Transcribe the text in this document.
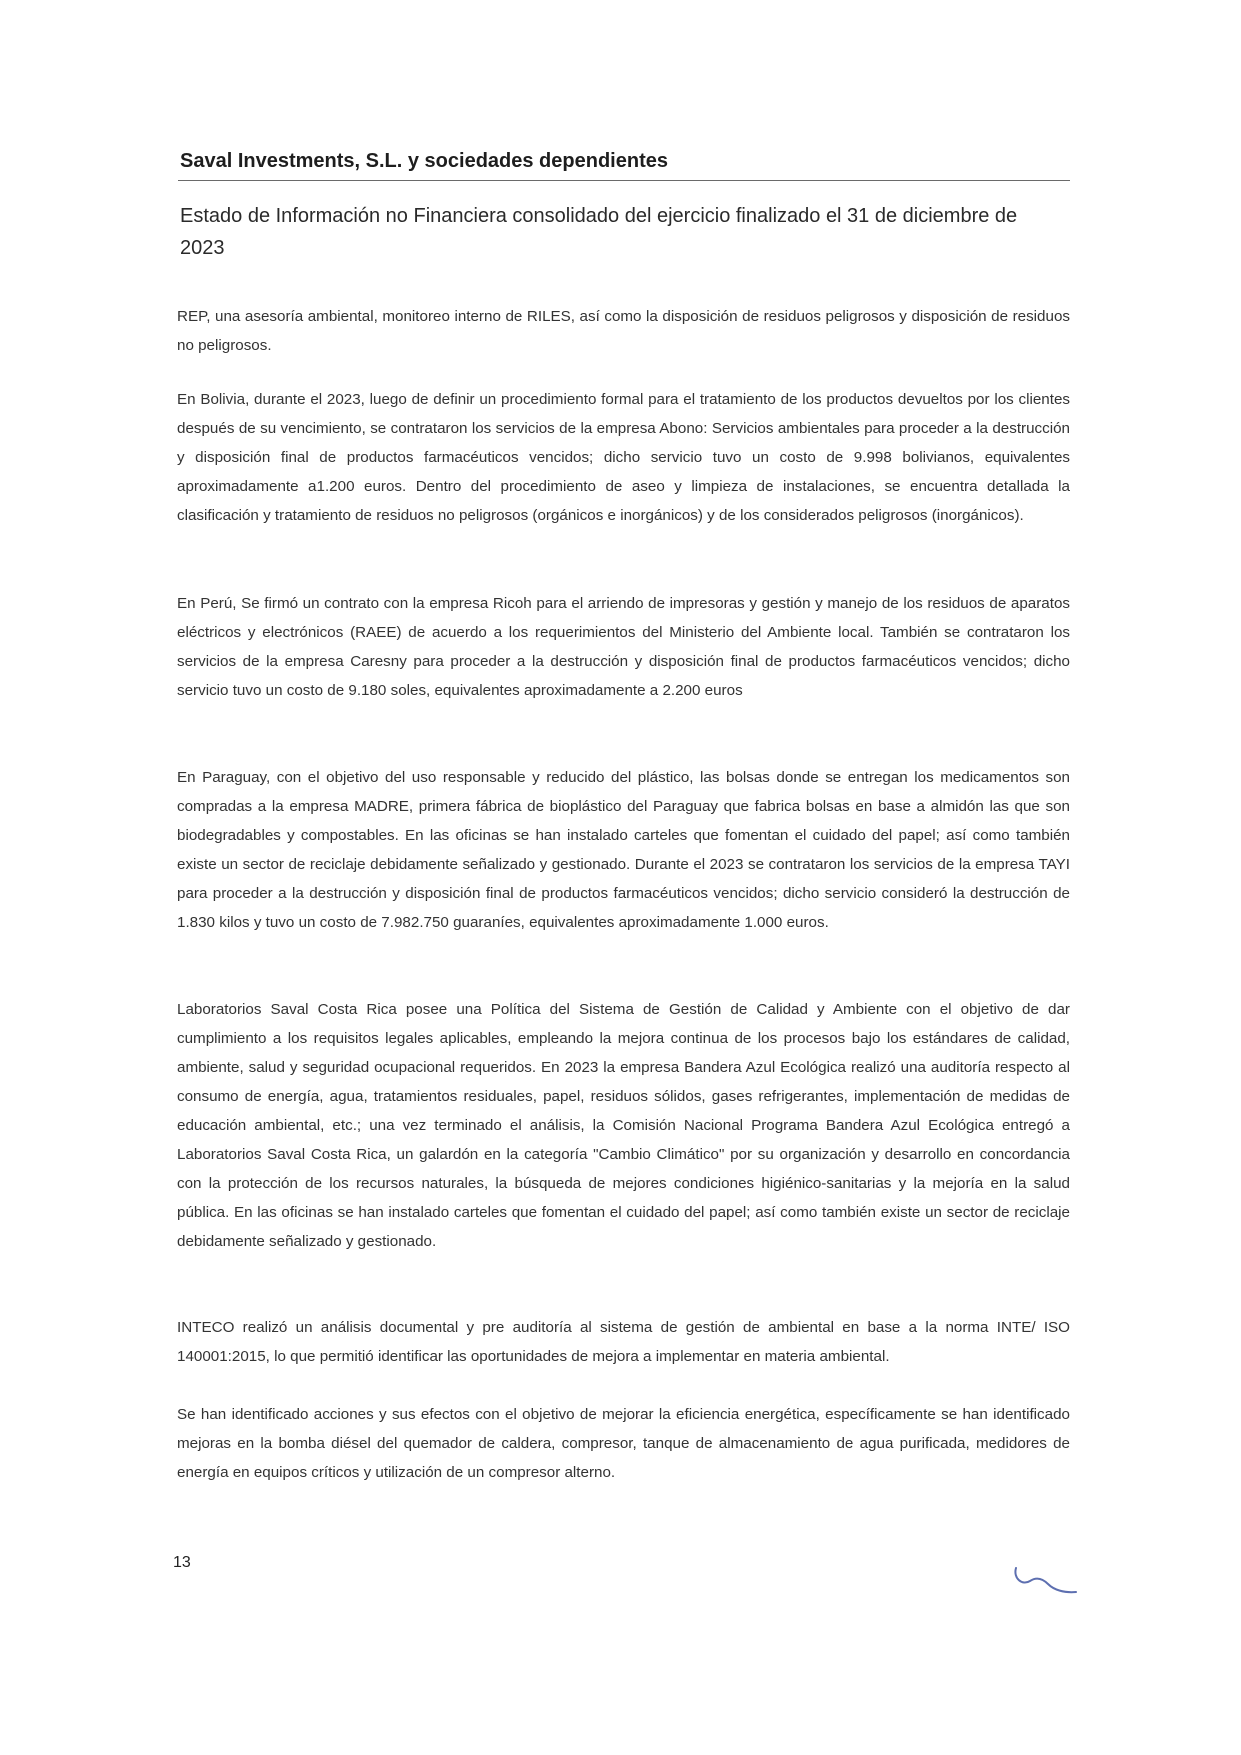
Saval Investments, S.L. y sociedades dependientes

Estado de Información no Financiera consolidado del ejercicio finalizado el 31 de diciembre de 2023

REP, una asesoría ambiental, monitoreo interno de RILES, así como la disposición de residuos peligrosos y disposición de residuos no peligrosos.

En Bolivia, durante el 2023, luego de definir un procedimiento formal para el tratamiento de los productos devueltos por los clientes después de su vencimiento, se contrataron los servicios de la empresa Abono: Servicios ambientales para proceder a la destrucción y disposición final de productos farmacéuticos vencidos; dicho servicio tuvo un costo de 9.998 bolivianos, equivalentes aproximadamente a1.200 euros. Dentro del procedimiento de aseo y limpieza de instalaciones, se encuentra detallada la clasificación y tratamiento de residuos no peligrosos (orgánicos e inorgánicos) y de los considerados peligrosos (inorgánicos).

En Perú, Se firmó un contrato con la empresa Ricoh para el arriendo de impresoras y gestión y manejo de los residuos de aparatos eléctricos y electrónicos (RAEE) de acuerdo a los requerimientos del Ministerio del Ambiente local. También se contrataron los servicios de la empresa Caresny para proceder a la destrucción y disposición final de productos farmacéuticos vencidos; dicho servicio tuvo un costo de 9.180 soles, equivalentes aproximadamente a 2.200 euros

En Paraguay, con el objetivo del uso responsable y reducido del plástico, las bolsas donde se entregan los medicamentos son compradas a la empresa MADRE, primera fábrica de bioplástico del Paraguay que fabrica bolsas en base a almidón las que son biodegradables y compostables. En las oficinas se han instalado carteles que fomentan el cuidado del papel; así como también existe un sector de reciclaje debidamente señalizado y gestionado. Durante el 2023 se contrataron los servicios de la empresa TAYI para proceder a la destrucción y disposición final de productos farmacéuticos vencidos; dicho servicio consideró la destrucción de 1.830 kilos y tuvo un costo de 7.982.750 guaraníes, equivalentes aproximadamente 1.000 euros.

Laboratorios Saval Costa Rica posee una Política del Sistema de Gestión de Calidad y Ambiente con el objetivo de dar cumplimiento a los requisitos legales aplicables, empleando la mejora continua de los procesos bajo los estándares de calidad, ambiente, salud y seguridad ocupacional requeridos. En 2023 la empresa Bandera Azul Ecológica realizó una auditoría respecto al consumo de energía, agua, tratamientos residuales, papel, residuos sólidos, gases refrigerantes, implementación de medidas de educación ambiental, etc.; una vez terminado el análisis, la Comisión Nacional Programa Bandera Azul Ecológica entregó a Laboratorios Saval Costa Rica, un galardón en la categoría "Cambio Climático" por su organización y desarrollo en concordancia con la protección de los recursos naturales, la búsqueda de mejores condiciones higiénico-sanitarias y la mejoría en la salud pública. En las oficinas se han instalado carteles que fomentan el cuidado del papel; así como también existe un sector de reciclaje debidamente señalizado y gestionado.

INTECO realizó un análisis documental y pre auditoría al sistema de gestión de ambiental en base a la norma INTE/ ISO 140001:2015, lo que permitió identificar las oportunidades de mejora a implementar en materia ambiental.

Se han identificado acciones y sus efectos con el objetivo de mejorar la eficiencia energética, específicamente se han identificado mejoras en la bomba diésel del quemador de caldera, compresor, tanque de almacenamiento de agua purificada, medidores de energía en equipos críticos y utilización de un compresor alterno.

13
